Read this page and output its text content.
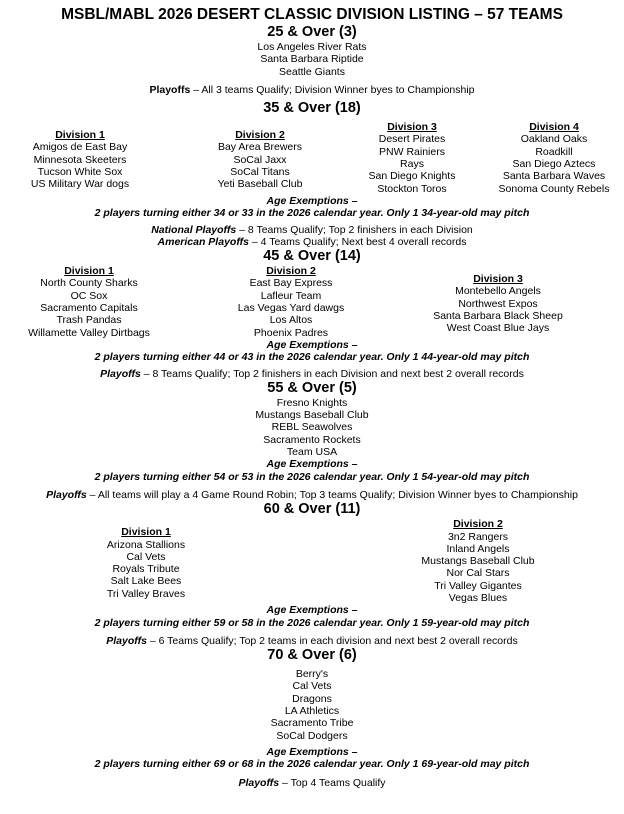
MSBL/MABL 2026 DESERT CLASSIC DIVISION LISTING – 57 TEAMS
25 & Over (3)
Los Angeles River Rats
Santa Barbara Riptide
Seattle Giants
Playoffs – All 3 teams Qualify; Division Winner byes to Championship
35 & Over (18)
Division 1
Amigos de East Bay
Minnesota Skeeters
Tucson White Sox
US Military War dogs
Division 2
Bay Area Brewers
SoCal Jaxx
SoCal Titans
Yeti Baseball Club
Division 3
Desert Pirates
PNW Rainiers
Rays
San Diego Knights
Stockton Toros
Division 4
Oakland Oaks
Roadkill
San Diego Aztecs
Santa Barbara Waves
Sonoma County Rebels
Age Exemptions –
2 players turning either 34 or 33 in the 2026 calendar year. Only 1 34-year-old may pitch
National Playoffs – 8 Teams Qualify; Top 2 finishers in each Division
American Playoffs – 4 Teams Qualify; Next best 4 overall records
45 & Over (14)
Division 1
North County Sharks
OC Sox
Sacramento Capitals
Trash Pandas
Willamette Valley Dirtbags
Division 2
East Bay Express
Lafleur Team
Las Vegas Yard dawgs
Los Altos
Phoenix Padres
Division 3
Montebello Angels
Northwest Expos
Santa Barbara Black Sheep
West Coast Blue Jays
Age Exemptions –
2 players turning either 44 or 43 in the 2026 calendar year. Only 1 44-year-old may pitch
Playoffs – 8 Teams Qualify; Top 2 finishers in each Division and next best 2 overall records
55 & Over (5)
Fresno Knights
Mustangs Baseball Club
REBL Seawolves
Sacramento Rockets
Team USA
Age Exemptions –
2 players turning either 54 or 53 in the 2026 calendar year. Only 1 54-year-old may pitch
Playoffs – All teams will play a 4 Game Round Robin; Top 3 teams Qualify; Division Winner byes to Championship
60 & Over (11)
Division 1
Arizona Stallions
Cal Vets
Royals Tribute
Salt Lake Bees
Tri Valley Braves
Division 2
3n2 Rangers
Inland Angels
Mustangs Baseball Club
Nor Cal Stars
Tri Valley Gigantes
Vegas Blues
Age Exemptions –
2 players turning either 59 or 58 in the 2026 calendar year. Only 1 59-year-old may pitch
Playoffs – 6 Teams Qualify; Top 2 teams in each division and next best 2 overall records
70 & Over (6)
Berry's
Cal Vets
Dragons
LA Athletics
Sacramento Tribe
SoCal Dodgers
Age Exemptions –
2 players turning either 69 or 68 in the 2026 calendar year. Only 1 69-year-old may pitch
Playoffs – Top 4 Teams Qualify
